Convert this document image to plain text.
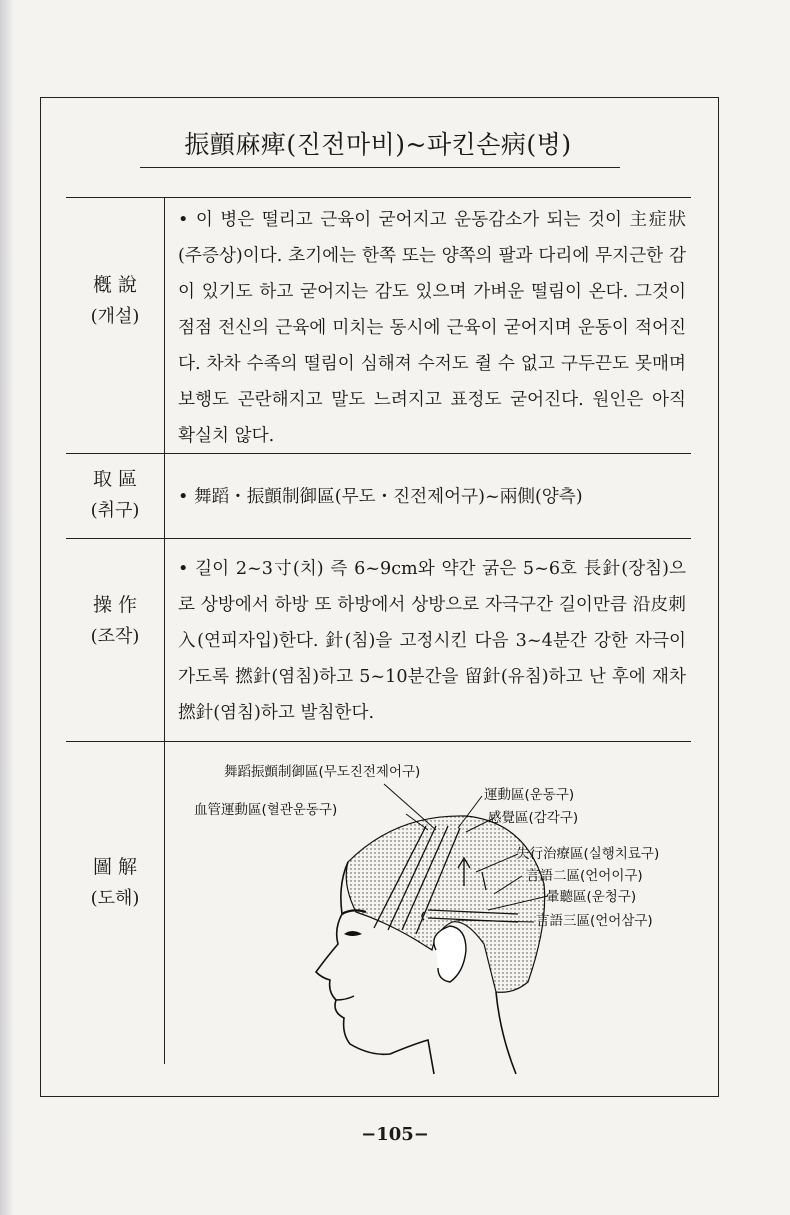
振顫麻痺(진전마비)~파킨손病(병)
槪 說
(개설)

• 이 병은 떨리고 근육이 굳어지고 운동감소가 되는 것이 主症狀(주증상)이다. 초기에는 한쪽 또는 양쪽의 팔과 다리에 무지근한 감이 있기도 하고 굳어지는 감도 있으며 가벼운 떨림이 온다. 그것이 점점 전신의 근육에 미치는 동시에 근육이 굳어지며 운동이 적어진다. 차차 수족의 떨림이 심해져 수저도 쥘 수 없고 구두끈도 못매며 보행도 곤란해지고 말도 느려지고 표정도 굳어진다. 원인은 아직 확실치 않다.

取 區
(취구)
• 舞蹈・振顫制御區(무도・진전제어구)~兩側(양측)
操 作
(조작)

• 길이 2~3寸(치) 즉 6~9cm와 약간 굵은 5~6호 長針(장침)으로 상방에서 하방 또 하방에서 상방으로 자극구간 길이만큼 沿皮刺入(연피자입)한다. 針(침)을 고정시킨 다음 3~4분간 강한 자극이 가도록 撚針(염침)하고 5~10분간을 留針(유침)하고 난 후에 재차 撚針(염침)하고 발침한다.

圖 解
(도해)
舞蹈振顫制御區(무도진전제어구)
血管運動區(혈관운동구)
運動區(운동구)
感覺區(감각구)
失行治療區(실행치료구)
言語二區(언어이구)
暈聽區(운청구)
言語三區(언어삼구)
−105−
